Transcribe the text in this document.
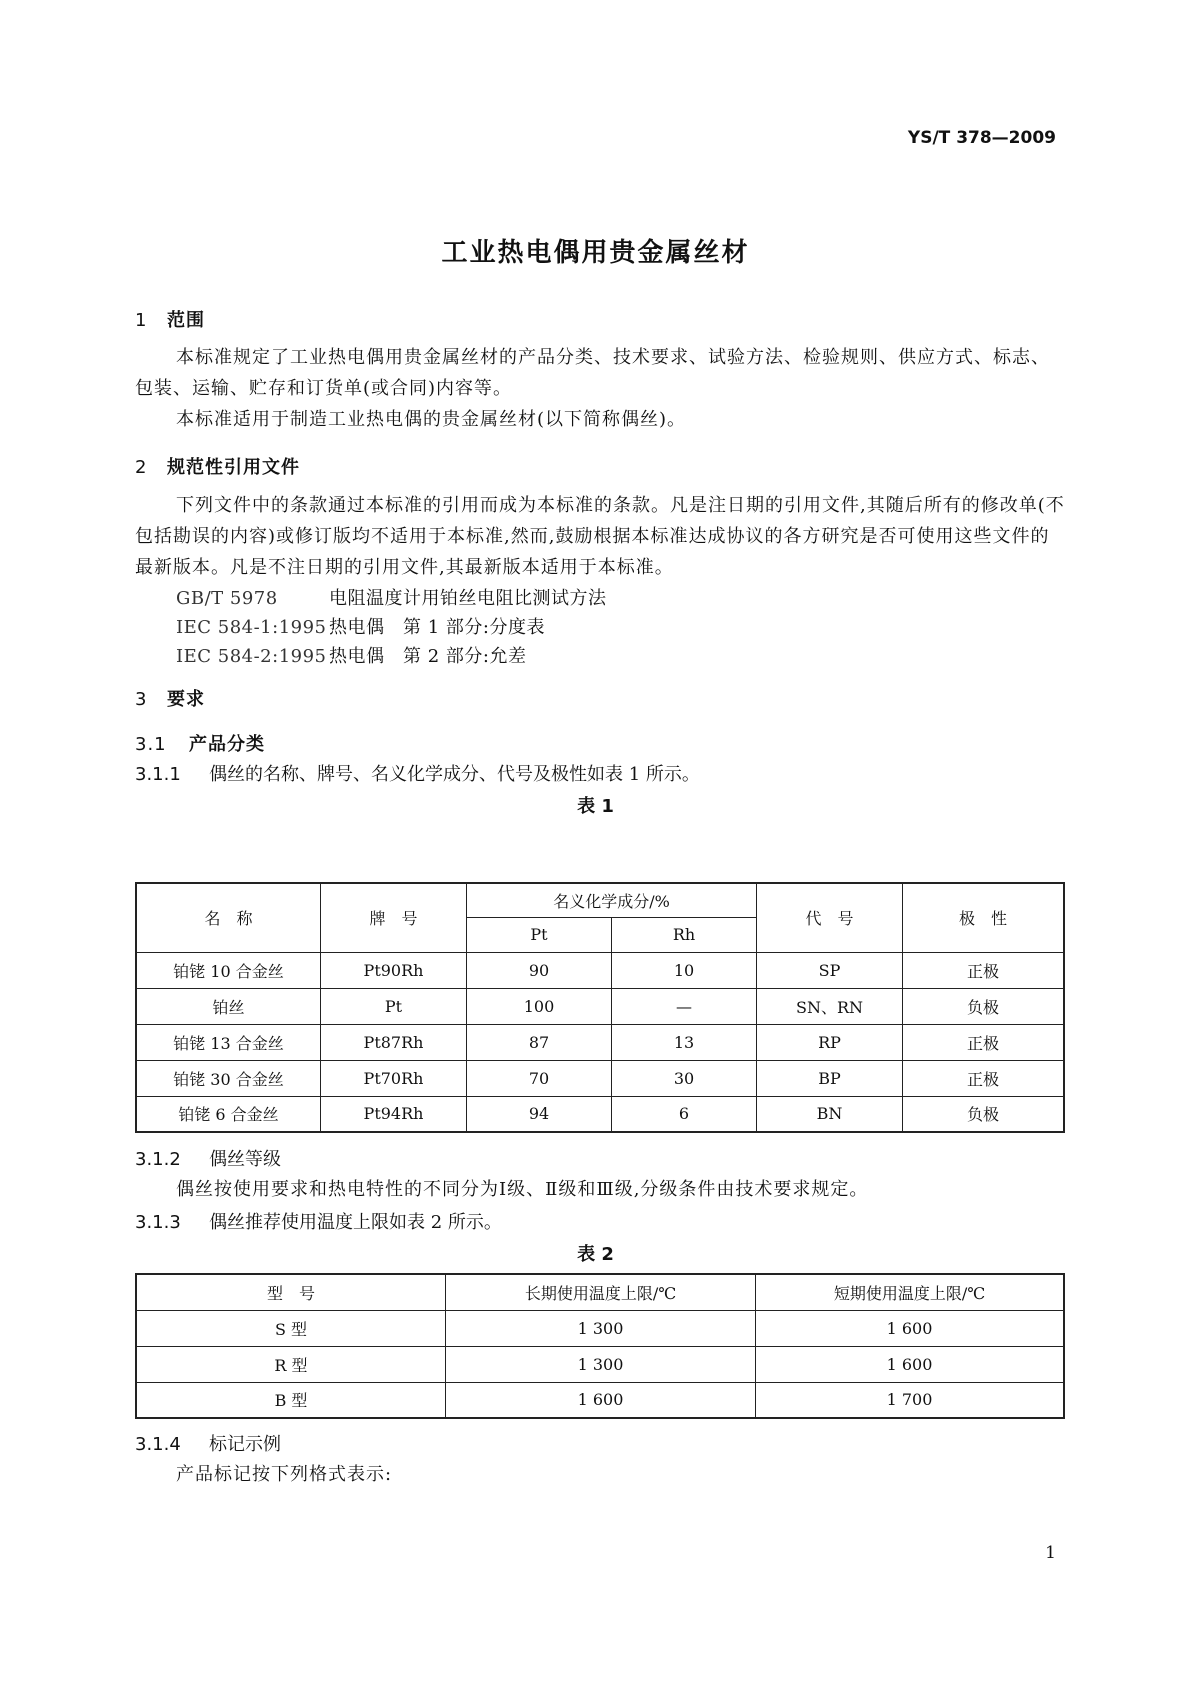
YS/T 378—2009
工业热电偶用贵金属丝材
1 范围
本标准规定了工业热电偶用贵金属丝材的产品分类、技术要求、试验方法、检验规则、供应方式、标志、包装、运输、贮存和订货单(或合同)内容等。
本标准适用于制造工业热电偶的贵金属丝材(以下简称偶丝)。
2 规范性引用文件
下列文件中的条款通过本标准的引用而成为本标准的条款。凡是注日期的引用文件,其随后所有的修改单(不包括勘误的内容)或修订版均不适用于本标准,然而,鼓励根据本标准达成协议的各方研究是否可使用这些文件的最新版本。凡是不注日期的引用文件,其最新版本适用于本标准。
GB/T 5978	电阻温度计用铂丝电阻比测试方法
IEC 584-1:1995 热电偶　第 1 部分:分度表
IEC 584-2:1995 热电偶　第 2 部分:允差
3 要求
3.1 产品分类
3.1.1 偶丝的名称、牌号、名义化学成分、代号及极性如表 1 所示。
表 1
名　称	牌　号	名义化学成分/%		代　号	极　性
		Pt	Rh		
铂铑 10 合金丝	Pt90Rh	90	10	SP	正极
铂丝	Pt	100	—	SN、RN	负极
铂铑 13 合金丝	Pt87Rh	87	13	RP	正极
铂铑 30 合金丝	Pt70Rh	70	30	BP	正极
铂铑 6 合金丝	Pt94Rh	94	6	BN	负极
3.1.2 偶丝等级
偶丝按使用要求和热电特性的不同分为Ⅰ级、Ⅱ级和Ⅲ级,分级条件由技术要求规定。
3.1.3 偶丝推荐使用温度上限如表 2 所示。
表 2
型　号	长期使用温度上限/℃	短期使用温度上限/℃
S 型	1 300	1 600
R 型	1 300	1 600
B 型	1 600	1 700
3.1.4 标记示例
产品标记按下列格式表示:
1
